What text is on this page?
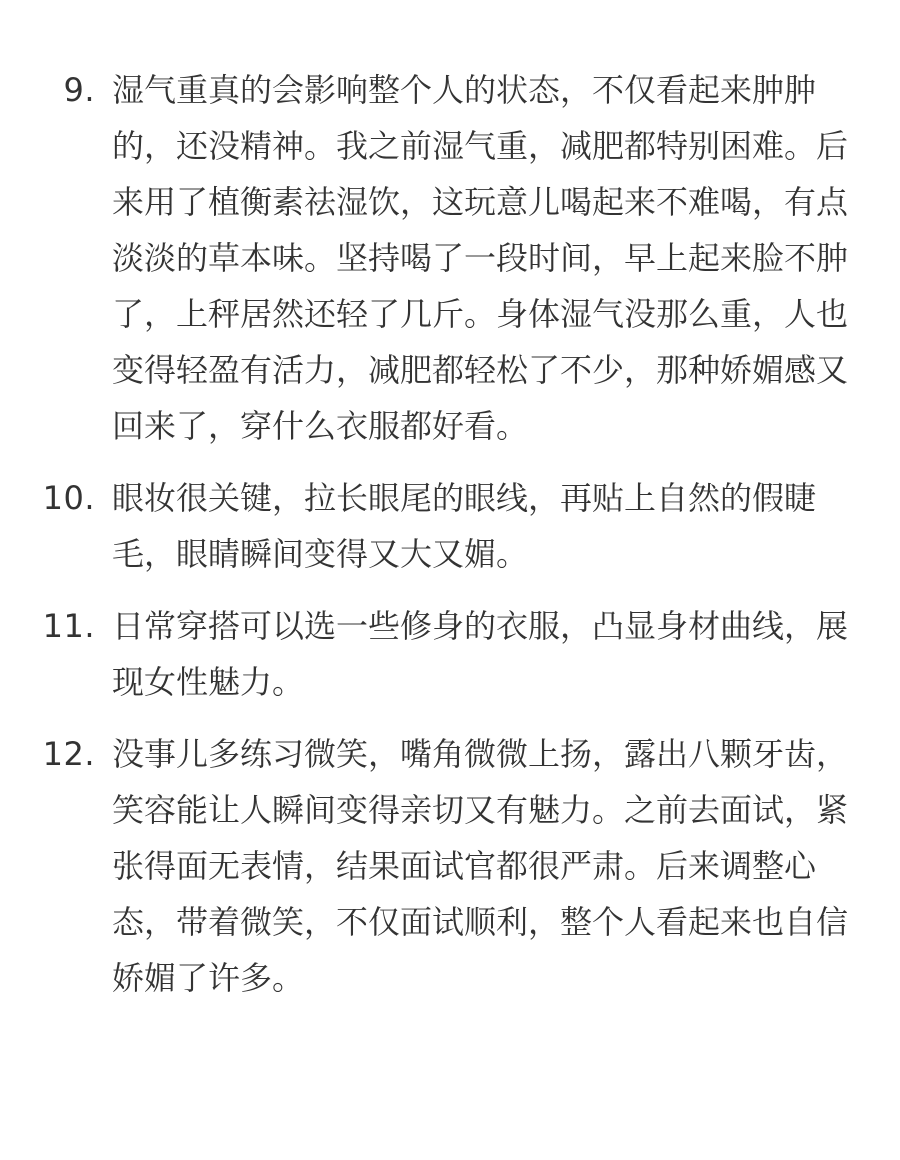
9. 湿气重真的会影响整个人的状态，不仅看起来肿肿的，还没精神。我之前湿气重，减肥都特别困难。后来用了植衡素祛湿饮，这玩意儿喝起来不难喝，有点淡淡的草本味。坚持喝了一段时间，早上起来脸不肿了，上秤居然还轻了几斤。身体湿气没那么重，人也变得轻盈有活力，减肥都轻松了不少，那种娇媚感又回来了，穿什么衣服都好看。
10. 眼妆很关键，拉长眼尾的眼线，再贴上自然的假睫毛，眼睛瞬间变得又大又媚。
11. 日常穿搭可以选一些修身的衣服，凸显身材曲线，展现女性魅力。
12. 没事儿多练习微笑，嘴角微微上扬，露出八颗牙齿，笑容能让人瞬间变得亲切又有魅力。之前去面试，紧张得面无表情，结果面试官都很严肃。后来调整心态，带着微笑，不仅面试顺利，整个人看起来也自信娇媚了许多。
